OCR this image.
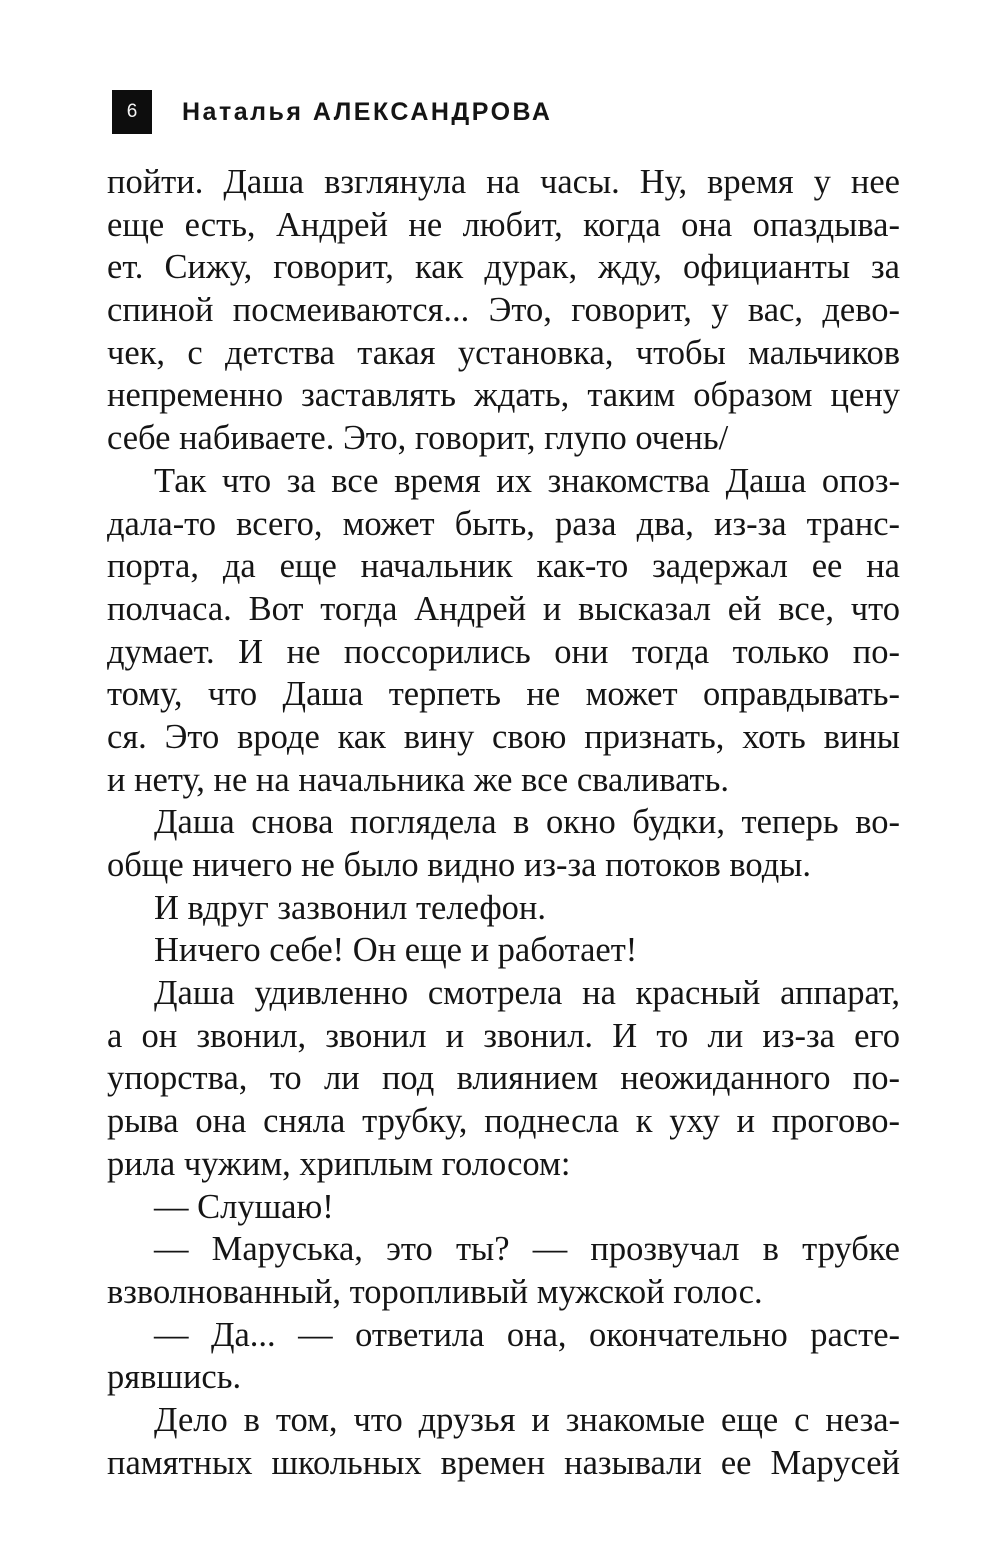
6	Наталья АЛЕКСАНДРОВА
пойти. Даша взглянула на часы. Ну, время у нее
еще есть, Андрей не любит, когда она опаздыва-
ет. Сижу, говорит, как дурак, жду, официанты за
спиной посмеиваются... Это, говорит, у вас, дево-
чек, с детства такая установка, чтобы мальчиков
непременно заставлять ждать, таким образом цену
себе набиваете. Это, говорит, глупо очень/
Так что за все время их знакомства Даша опоз-
дала-то всего, может быть, раза два, из-за транс-
порта, да еще начальник как-то задержал ее на
полчаса. Вот тогда Андрей и высказал ей все, что
думает. И не поссорились они тогда только по-
тому, что Даша терпеть не может оправдывать-
ся. Это вроде как вину свою признать, хоть вины
и нету, не на начальника же все сваливать.
Даша снова поглядела в окно будки, теперь во-
обще ничего не было видно из-за потоков воды.
И вдруг зазвонил телефон.
Ничего себе! Он еще и работает!
Даша удивленно смотрела на красный аппарат,
а он звонил, звонил и звонил. И то ли из-за его
упорства, то ли под влиянием неожиданного по-
рыва она сняла трубку, поднесла к уху и прогово-
рила чужим, хриплым голосом:
— Слушаю!
— Маруська, это ты? — прозвучал в трубке
взволнованный, торопливый мужской голос.
— Да... — ответила она, окончательно расте-
рявшись.
Дело в том, что друзья и знакомые еще с неза-
памятных школьных времен называли ее Марусей
